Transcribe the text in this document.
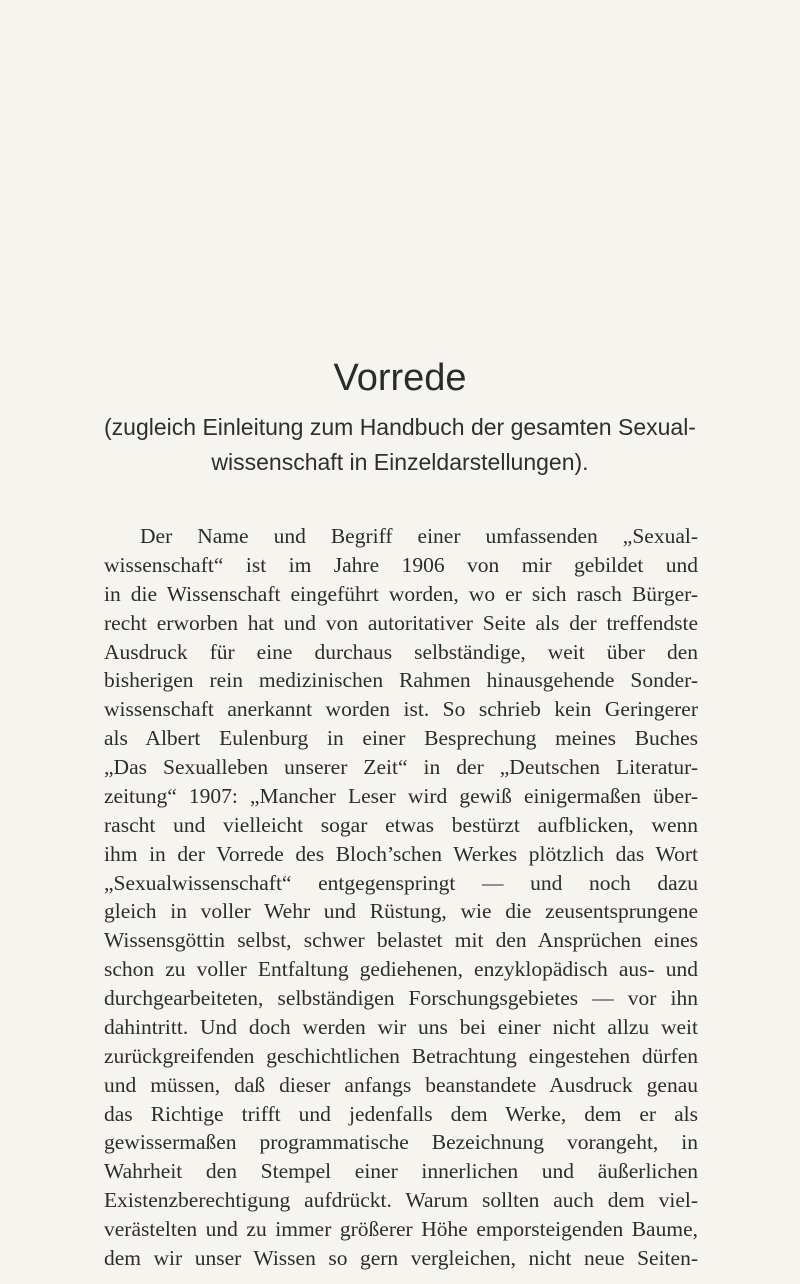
Vorrede
(zugleich Einleitung zum Handbuch der gesamten Sexual-
wissenschaft in Einzeldarstellungen).
Der Name und Begriff einer umfassenden „Sexual-
wissenschaft“ ist im Jahre 1906 von mir gebildet und
in die Wissenschaft eingeführt worden, wo er sich rasch Bürger-
recht erworben hat und von autoritativer Seite als der treffendste
Ausdruck für eine durchaus selbständige, weit über den
bisherigen rein medizinischen Rahmen hinausgehende Sonder-
wissenschaft anerkannt worden ist. So schrieb kein Geringerer
als Albert Eulenburg in einer Besprechung meines Buches
„Das Sexualleben unserer Zeit“ in der „Deutschen Literatur-
zeitung“ 1907: „Mancher Leser wird gewiß einigermaßen über-
rascht und vielleicht sogar etwas bestürzt aufblicken, wenn
ihm in der Vorrede des Bloch’schen Werkes plötzlich das Wort
„Sexualwissenschaft“ entgegenspringt — und noch dazu
gleich in voller Wehr und Rüstung, wie die zeusentsprungene
Wissensgöttin selbst, schwer belastet mit den Ansprüchen eines
schon zu voller Entfaltung gediehenen, enzyklopädisch aus- und
durchgearbeiteten, selbständigen Forschungsgebietes — vor ihn
dahintritt. Und doch werden wir uns bei einer nicht allzu weit
zurückgreifenden geschichtlichen Betrachtung eingestehen dürfen
und müssen, daß dieser anfangs beanstandete Ausdruck genau
das Richtige trifft und jedenfalls dem Werke, dem er als
gewissermaßen programmatische Bezeichnung vorangeht, in
Wahrheit den Stempel einer innerlichen und äußerlichen
Existenzberechtigung aufdrückt. Warum sollten auch dem viel-
verästelten und zu immer größerer Höhe emporsteigenden Baume,
dem wir unser Wissen so gern vergleichen, nicht neue Seiten-
